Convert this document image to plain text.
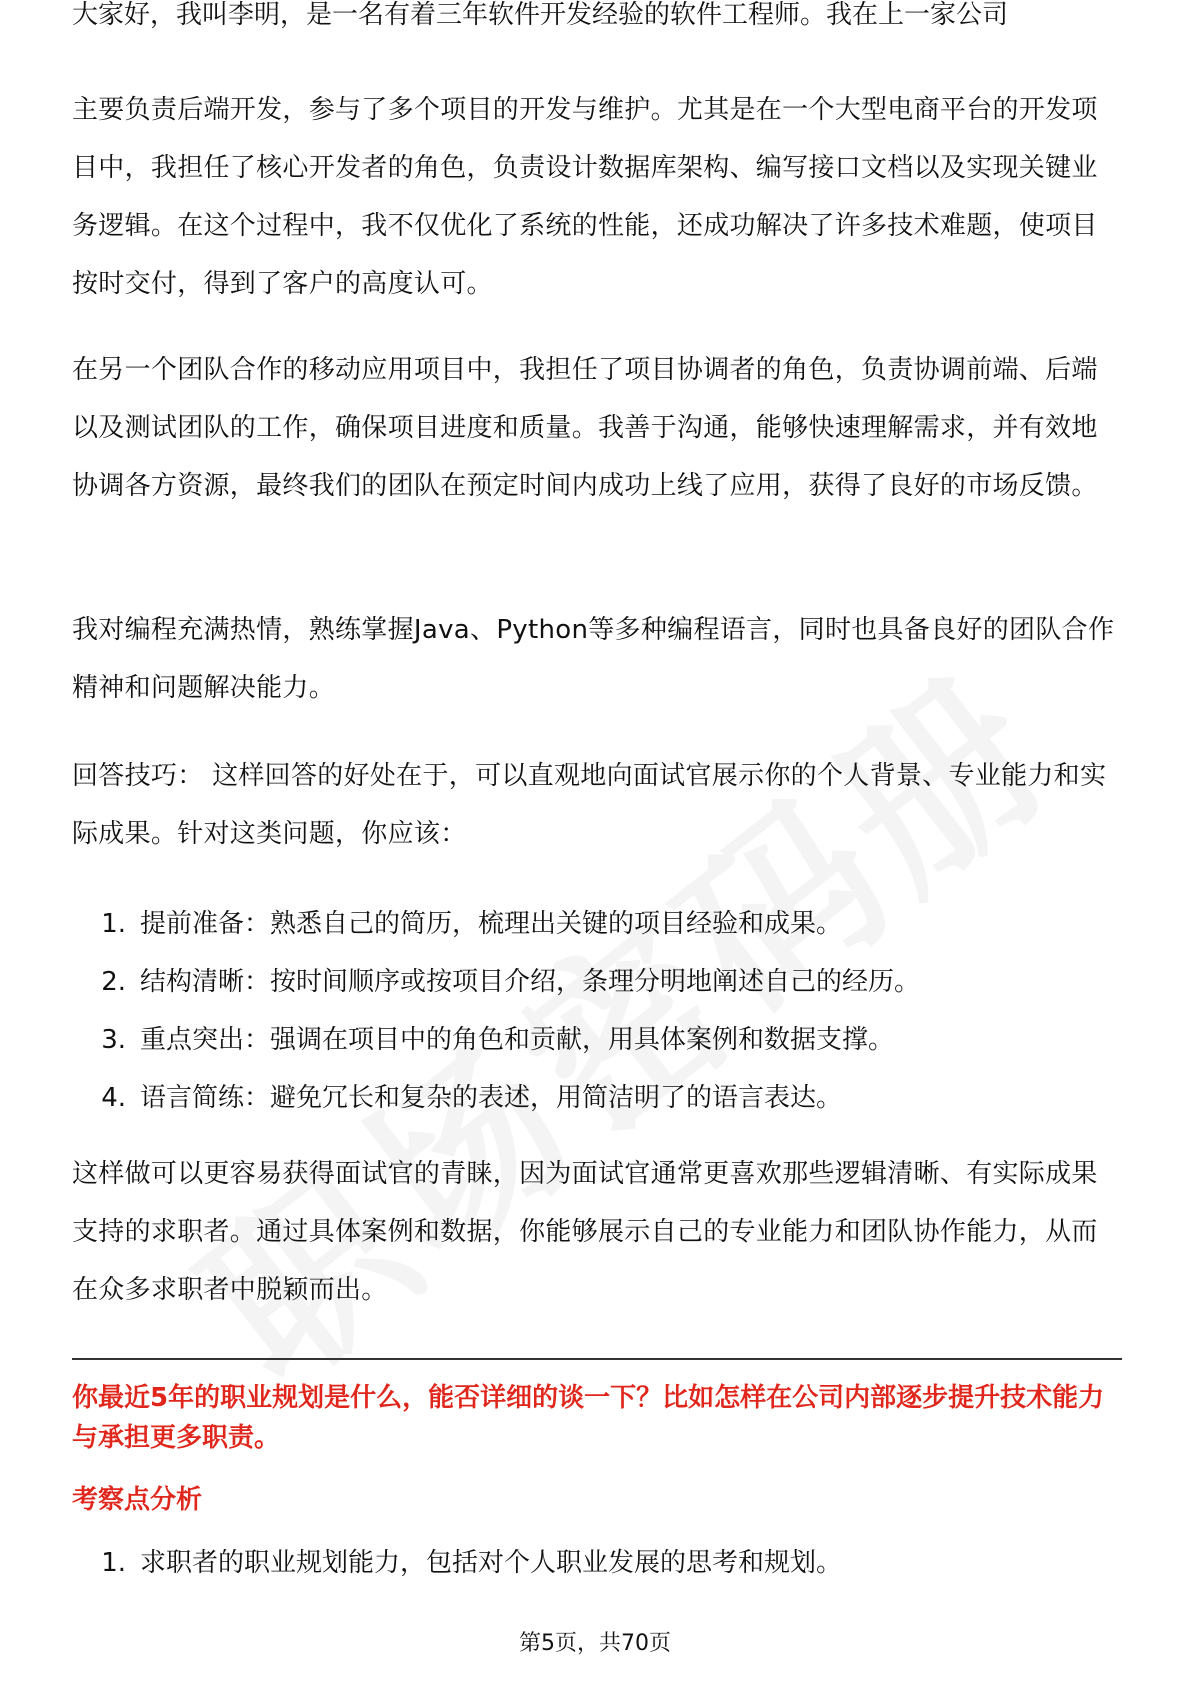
大家好，我叫李明，是一名有着三年软件开发经验的软件工程师。我在上一家公司

主要负责后端开发，参与了多个项目的开发与维护。尤其是在一个大型电商平台的开发项目中，我担任了核心开发者的角色，负责设计数据库架构、编写接口文档以及实现关键业务逻辑。在这个过程中，我不仅优化了系统的性能，还成功解决了许多技术难题，使项目按时交付，得到了客户的高度认可。

在另一个团队合作的移动应用项目中，我担任了项目协调者的角色，负责协调前端、后端以及测试团队的工作，确保项目进度和质量。我善于沟通，能够快速理解需求，并有效地协调各方资源，最终我们的团队在预定时间内成功上线了应用，获得了良好的市场反馈。

我对编程充满热情，熟练掌握Java、Python等多种编程语言，同时也具备良好的团队合作精神和问题解决能力。

回答技巧： 这样回答的好处在于，可以直观地向面试官展示你的个人背景、专业能力和实际成果。针对这类问题，你应该：

1. 提前准备：熟悉自己的简历，梳理出关键的项目经验和成果。
2. 结构清晰：按时间顺序或按项目介绍，条理分明地阐述自己的经历。
3. 重点突出：强调在项目中的角色和贡献，用具体案例和数据支撑。
4. 语言简练：避免冗长和复杂的表述，用简洁明了的语言表达。

这样做可以更容易获得面试官的青睐，因为面试官通常更喜欢那些逻辑清晰、有实际成果支持的求职者。通过具体案例和数据，你能够展示自己的专业能力和团队协作能力，从而在众多求职者中脱颖而出。

你最近5年的职业规划是什么，能否详细的谈一下？比如怎样在公司内部逐步提升技术能力与承担更多职责。

考察点分析

1. 求职者的职业规划能力，包括对个人职业发展的思考和规划。
第5页，共70页
